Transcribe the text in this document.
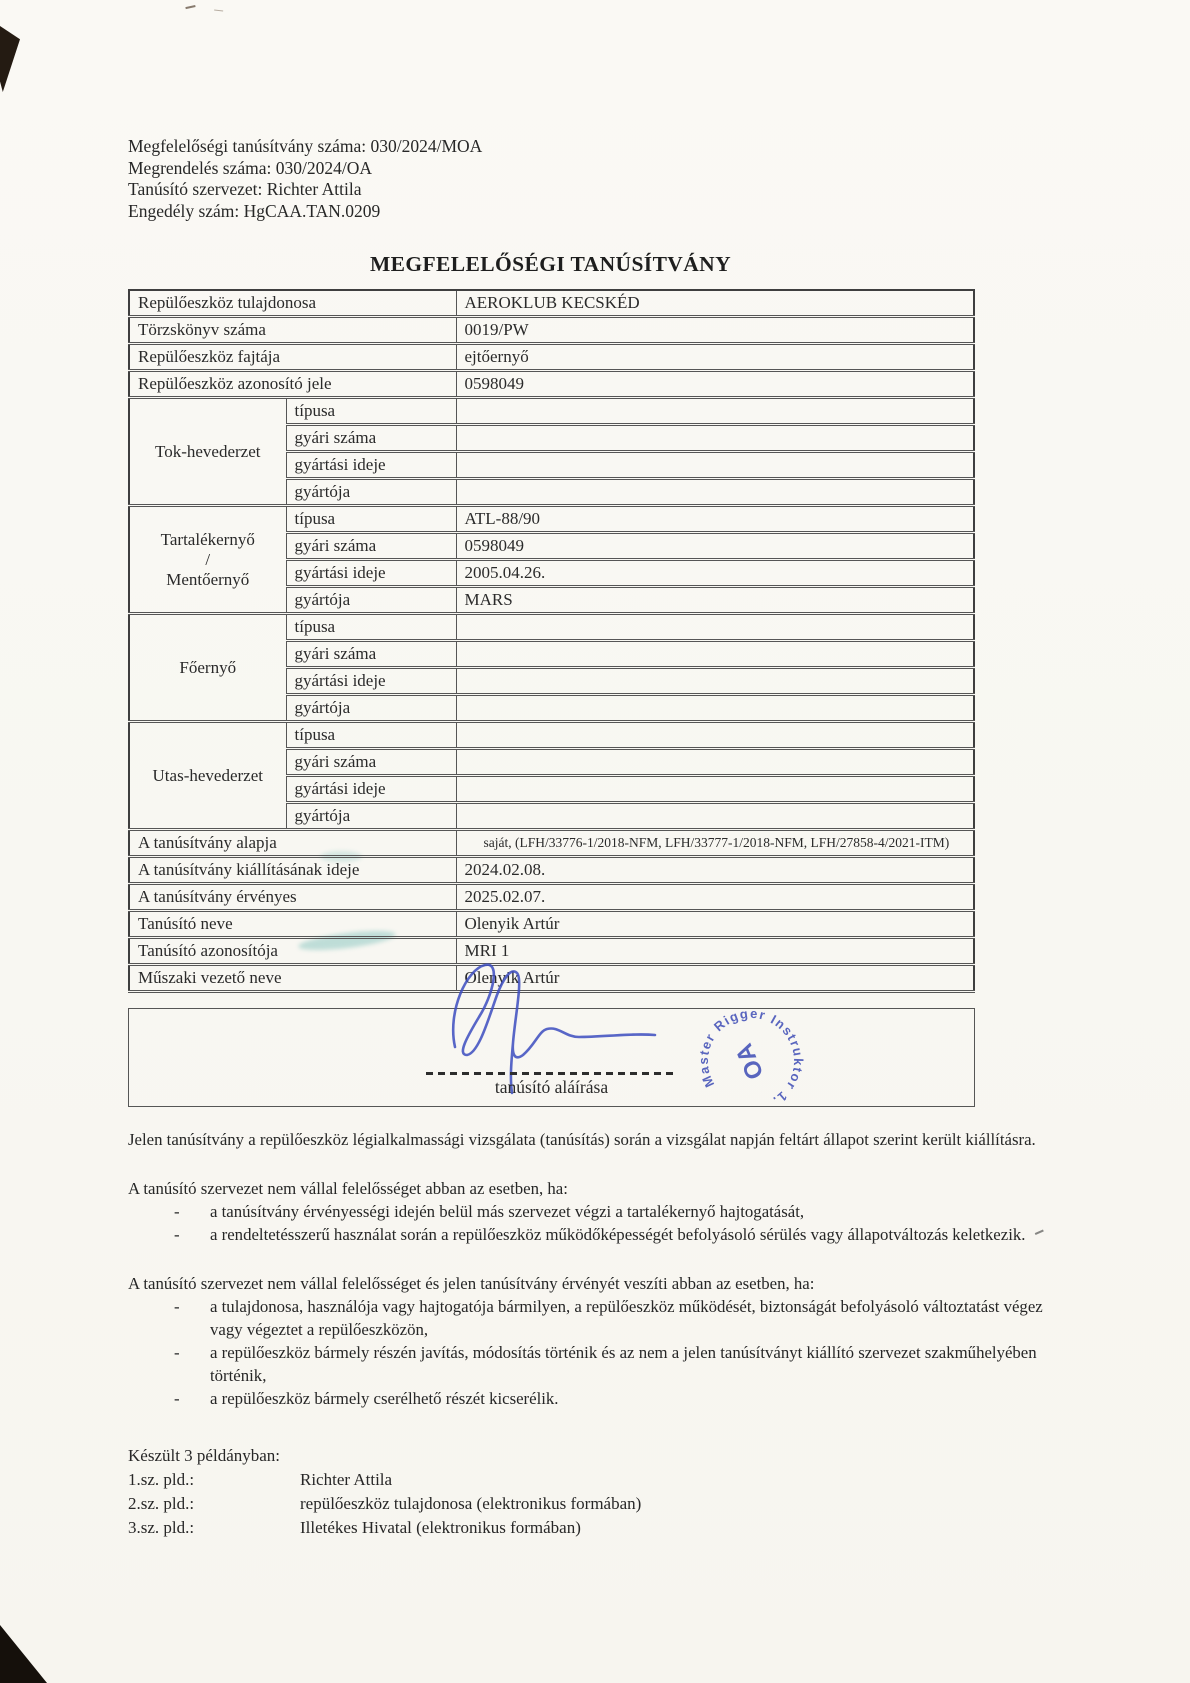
Megfelelőségi tanúsítvány száma: 030/2024/MOA
Megrendelés száma: 030/2024/OA
Tanúsító szervezet: Richter Attila
Engedély szám: HgCAA.TAN.0209
MEGFELELŐSÉGI TANÚSÍTVÁNY
Repülőeszköz tulajdonosa		AEROKLUB KECSKÉD
Törzskönyv száma		0019/PW
Repülőeszköz fajtája		ejtőernyő
Repülőeszköz azonosító jele		0598049

Tok-hevederzet	típusa	
	gyári száma	
	gyártási ideje	
	gyártója	

Tartalékernyő
/
Mentőernyő	típusa	ATL-88/90
	gyári száma	0598049
	gyártási ideje	2005.04.26.
	gyártója	MARS

Főernyő	típusa	
	gyári száma	
	gyártási ideje	
	gyártója	

Utas-hevederzet	típusa	
	gyári száma	
	gyártási ideje	
	gyártója	
A tanúsítvány alapja		saját, (LFH/33776-1/2018-NFM, LFH/33777-1/2018-NFM, LFH/27858-4/2021-ITM)
A tanúsítvány kiállításának ideje		2024.02.08.
A tanúsítvány érvényes		2025.02.07.
Tanúsító neve		Olenyik Artúr
Tanúsító azonosítója		MRI 1
Műszaki vezető neve		Olenyik Artúr
Master Rigger Instruktor 1.
OA
tanúsító aláírása
Jelen tanúsítvány a repülőeszköz légialkalmassági vizsgálata (tanúsítás) során a vizsgálat napján feltárt állapot szerint került kiállításra.
A tanúsító szervezet nem vállal felelősséget abban az esetben, ha:
-	a tanúsítvány érvényességi idején belül más szervezet végzi a tartalékernyő hajtogatását,
-	a rendeltetésszerű használat során a repülőeszköz működőképességét befolyásoló sérülés vagy állapotváltozás keletkezik.
A tanúsító szervezet nem vállal felelősséget és jelen tanúsítvány érvényét veszíti abban az esetben, ha:
-	a tulajdonosa, használója vagy hajtogatója bármilyen, a repülőeszköz működését, biztonságát befolyásoló változtatást végez vagy végeztet a repülőeszközön,
-	a repülőeszköz bármely részén javítás, módosítás történik és az nem a jelen tanúsítványt kiállító szervezet szakműhelyében történik,
-	a repülőeszköz bármely cserélhető részét kicserélik.
Készült 3 példányban:
1.sz. pld.:	Richter Attila
2.sz. pld.:	repülőeszköz tulajdonosa (elektronikus formában)
3.sz. pld.:	Illetékes Hivatal (elektronikus formában)
